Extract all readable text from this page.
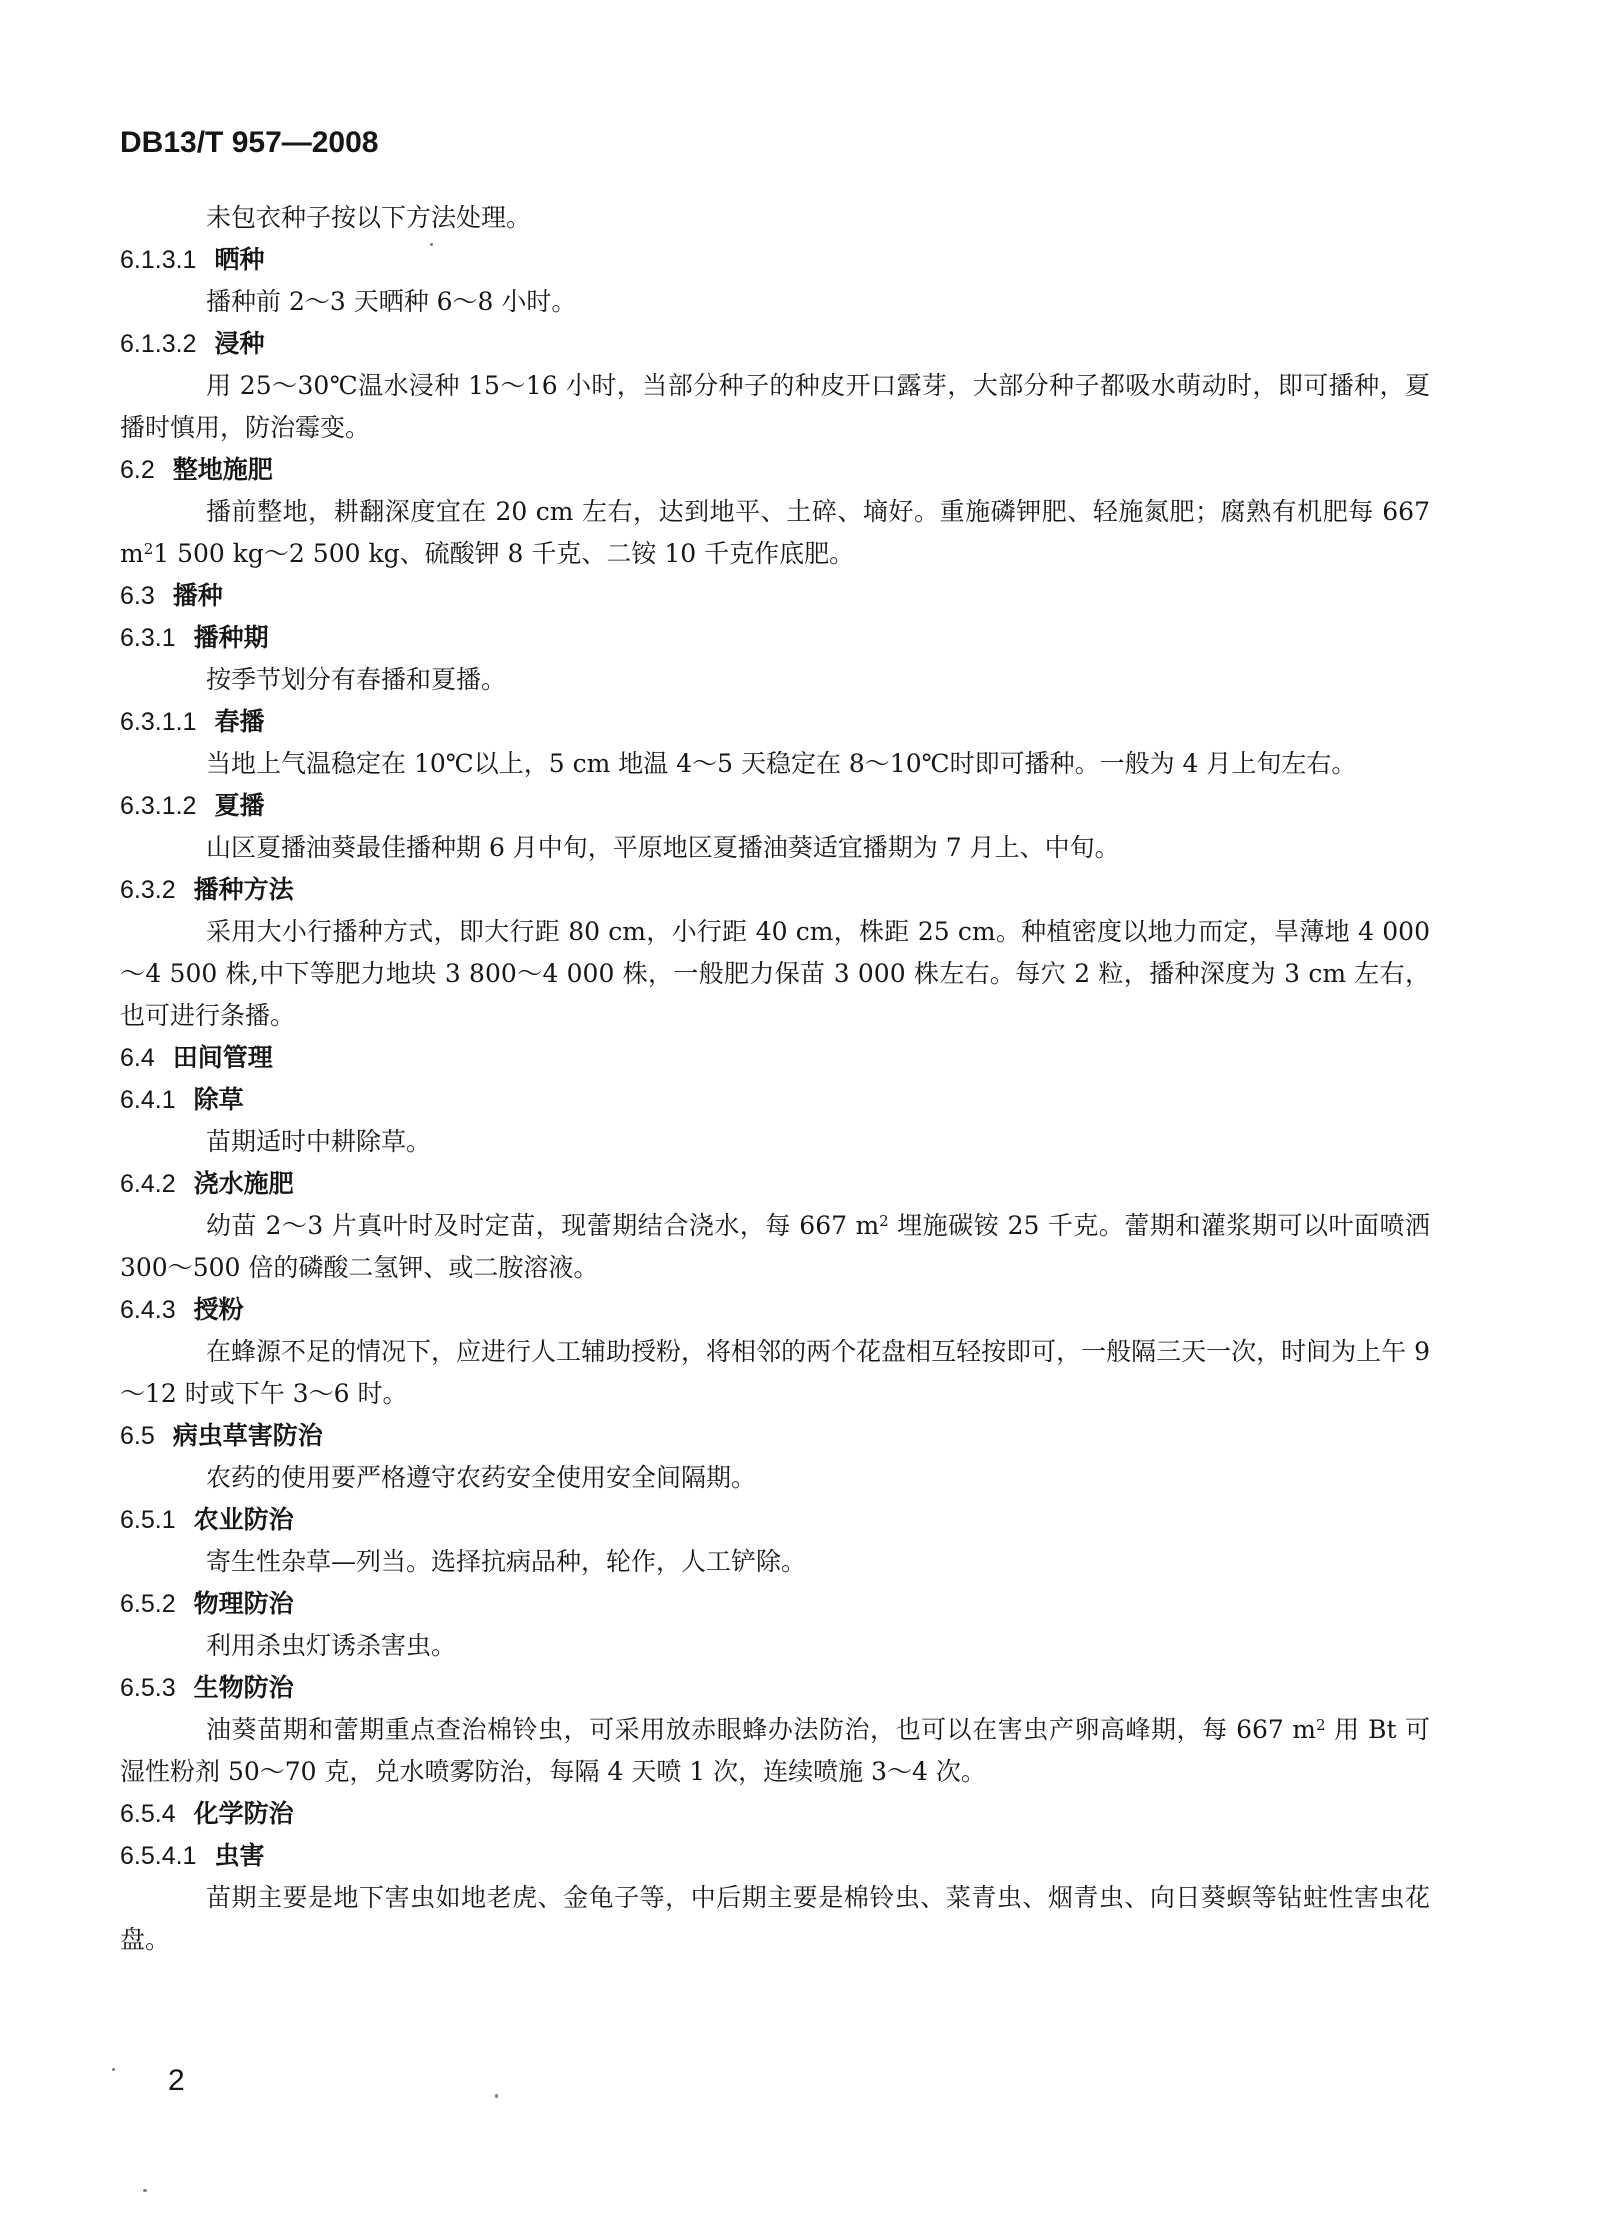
DB13/T 957—2008

未包衣种子按以下方法处理。

6.1.3.1 晒种

播种前 2～3 天晒种 6～8 小时。

6.1.3.2 浸种

用 25～30℃温水浸种 15～16 小时，当部分种子的种皮开口露芽，大部分种子都吸水萌动时，即可播种，夏播时慎用，防治霉变。

6.2 整地施肥

播前整地，耕翻深度宜在 20 cm 左右，达到地平、土碎、墒好。重施磷钾肥、轻施氮肥；腐熟有机肥每 667 $m^21$ 500 kg～2 500 kg、硫酸钾 8 千克、二铵 10 千克作底肥。

6.3 播种
6.3.1 播种期

按季节划分有春播和夏播。

6.3.1.1 春播

当地上气温稳定在 10℃以上，5 cm 地温 4～5 天稳定在 8～10℃时即可播种。一般为 4 月上旬左右。

6.3.1.2 夏播

山区夏播油葵最佳播种期 6 月中旬，平原地区夏播油葵适宜播期为 7 月上、中旬。

6.3.2 播种方法

采用大小行播种方式，即大行距 80 cm，小行距 40 cm，株距 25 cm。种植密度以地力而定，旱薄地 4 000～4 500 株,中下等肥力地块 3 800～4 000 株，一般肥力保苗 3 000 株左右。每穴 2 粒，播种深度为 3 cm 左右，也可进行条播。

6.4 田间管理
6.4.1 除草

苗期适时中耕除草。

6.4.2 浇水施肥

幼苗 2～3 片真叶时及时定苗，现蕾期结合浇水，每 667 $m^2$ 埋施碳铵 25 千克。蕾期和灌浆期可以叶面喷洒 300～500 倍的磷酸二氢钾、或二胺溶液。

6.4.3 授粉

在蜂源不足的情况下，应进行人工辅助授粉，将相邻的两个花盘相互轻按即可，一般隔三天一次，时间为上午 9～12 时或下午 3～6 时。

6.5 病虫草害防治

农药的使用要严格遵守农药安全使用安全间隔期。

6.5.1 农业防治

寄生性杂草—列当。选择抗病品种，轮作，人工铲除。

6.5.2 物理防治

利用杀虫灯诱杀害虫。

6.5.3 生物防治

油葵苗期和蕾期重点查治棉铃虫，可采用放赤眼蜂办法防治，也可以在害虫产卵高峰期，每 667 $m^2$ 用 Bt 可湿性粉剂 50～70 克，兑水喷雾防治，每隔 4 天喷 1 次，连续喷施 3～4 次。

6.5.4 化学防治
6.5.4.1 虫害

苗期主要是地下害虫如地老虎、金龟子等，中后期主要是棉铃虫、菜青虫、烟青虫、向日葵螟等钻蛀性害虫花盘。

2
